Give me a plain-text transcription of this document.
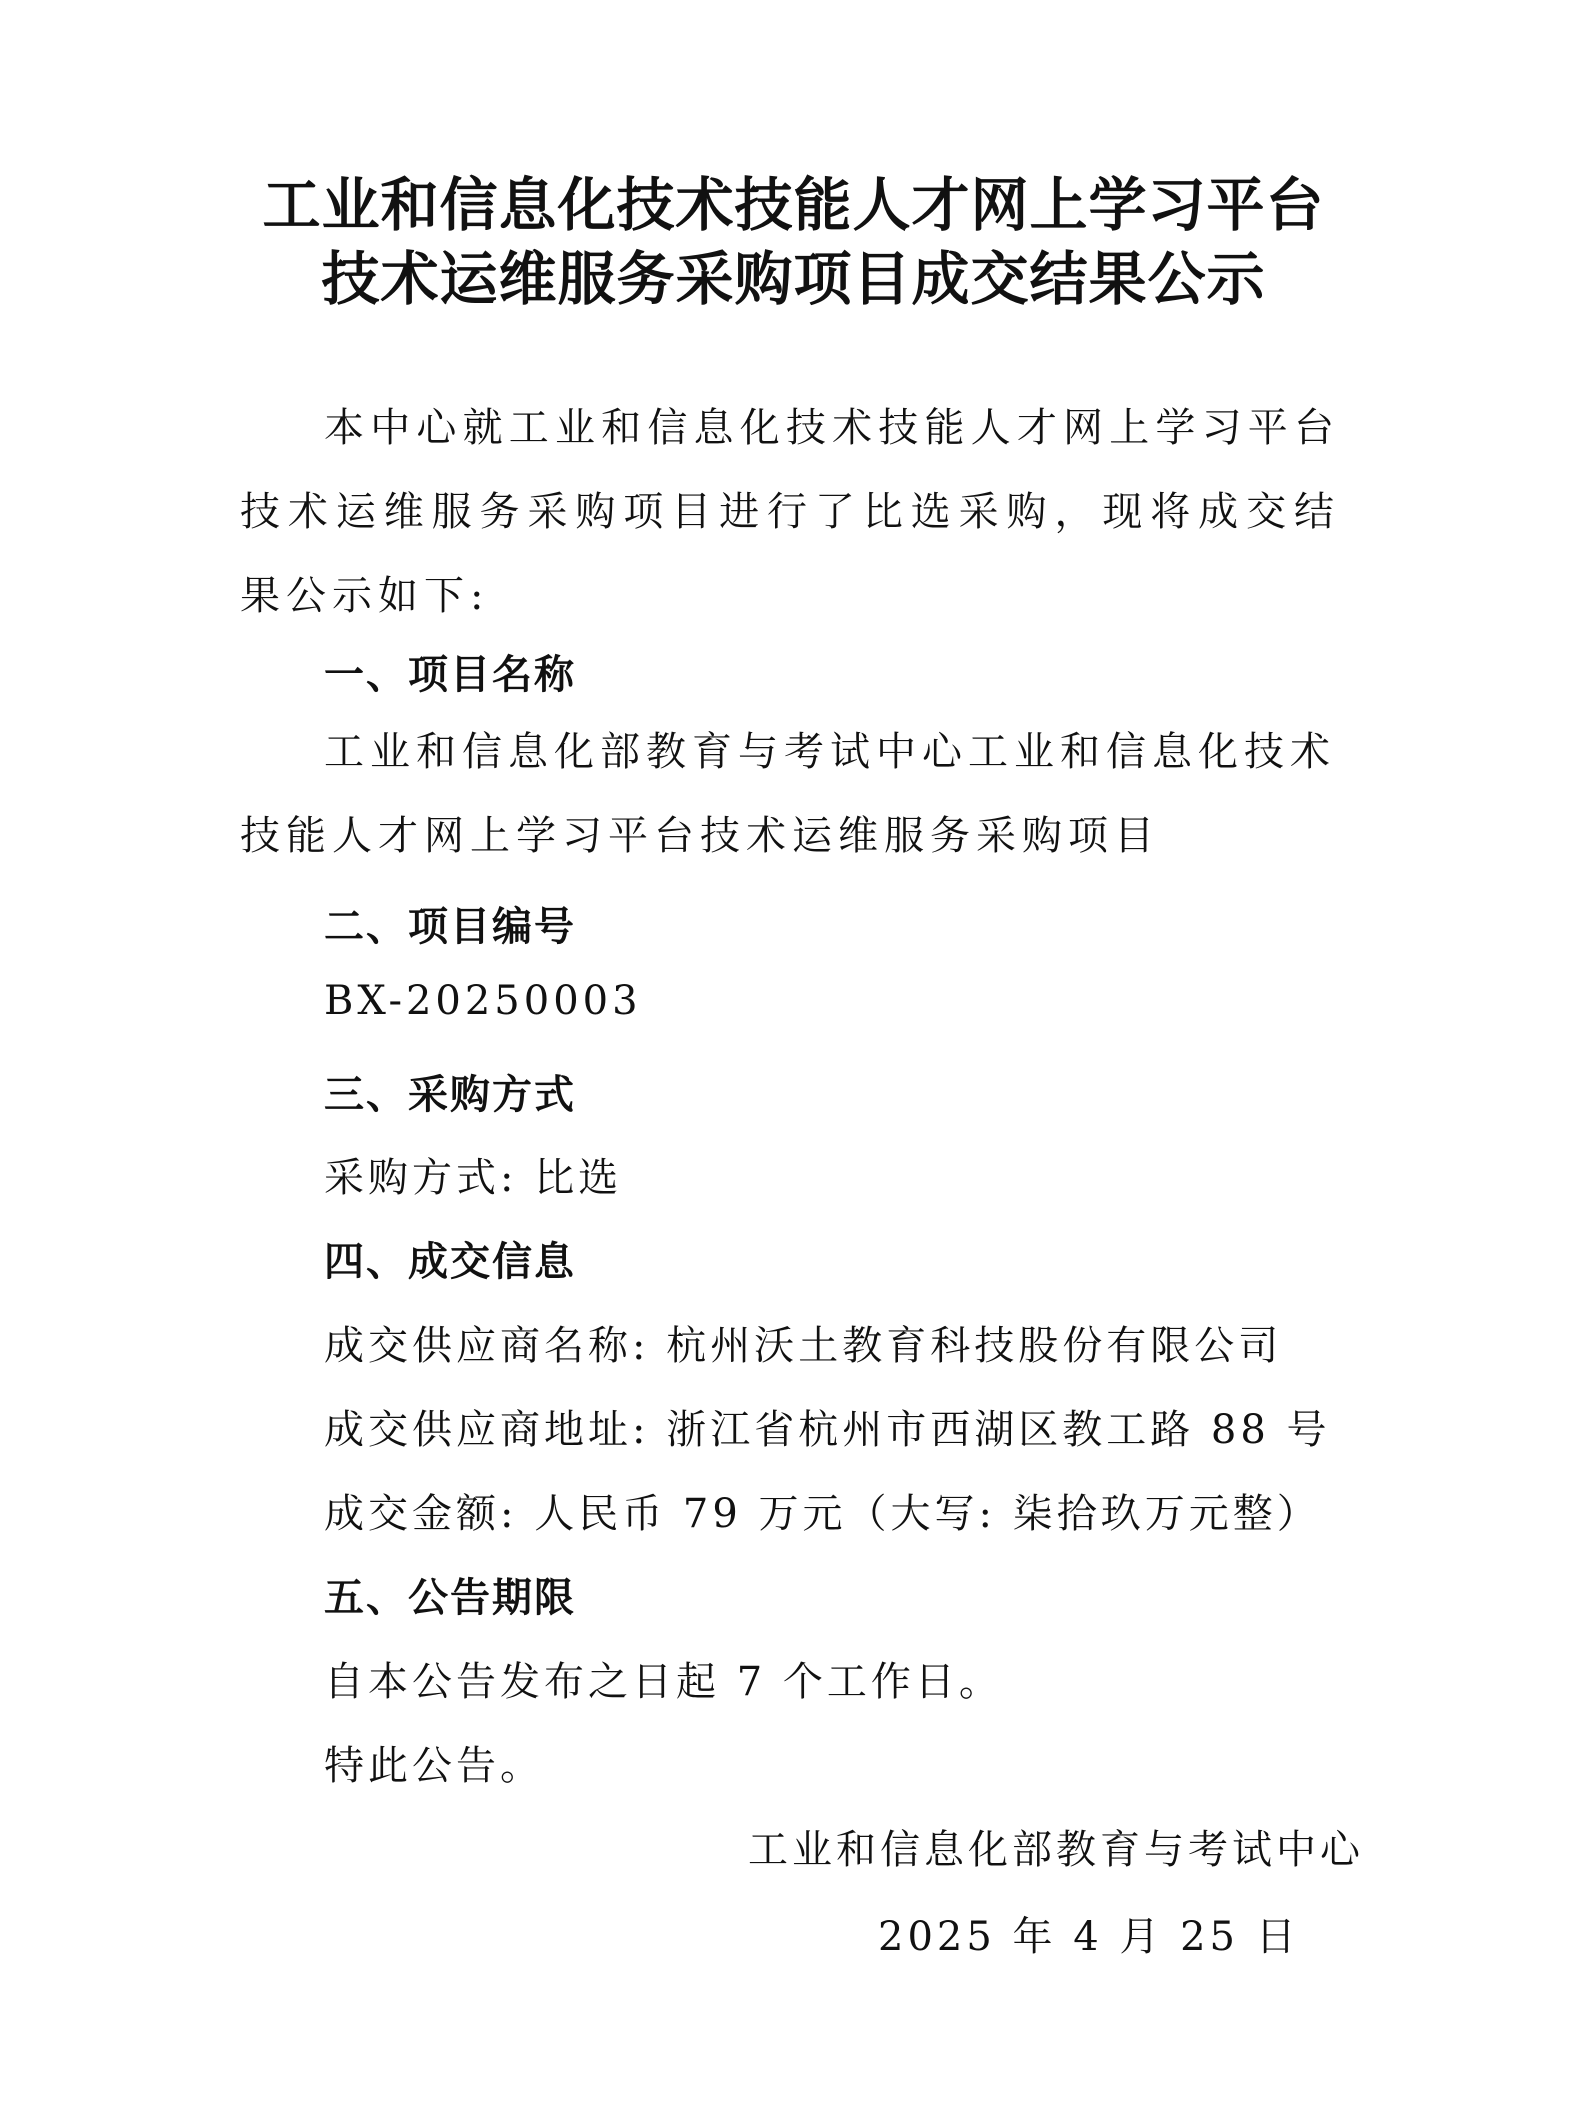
工业和信息化技术技能人才网上学习平台
技术运维服务采购项目成交结果公示
本中心就工业和信息化技术技能人才网上学习平台技术运维服务采购项目进行了比选采购，现将成交结果公示如下:
一、项目名称
工业和信息化部教育与考试中心工业和信息化技术技能人才网上学习平台技术运维服务采购项目
二、项目编号
BX-20250003
三、采购方式
采购方式: 比选
四、成交信息
成交供应商名称: 杭州沃土教育科技股份有限公司
成交供应商地址: 浙江省杭州市西湖区教工路 88 号
成交金额: 人民币 79 万元（大写: 柒拾玖万元整）
五、公告期限
自本公告发布之日起 7 个工作日。
特此公告。
工业和信息化部教育与考试中心
2025 年 4 月 25 日
